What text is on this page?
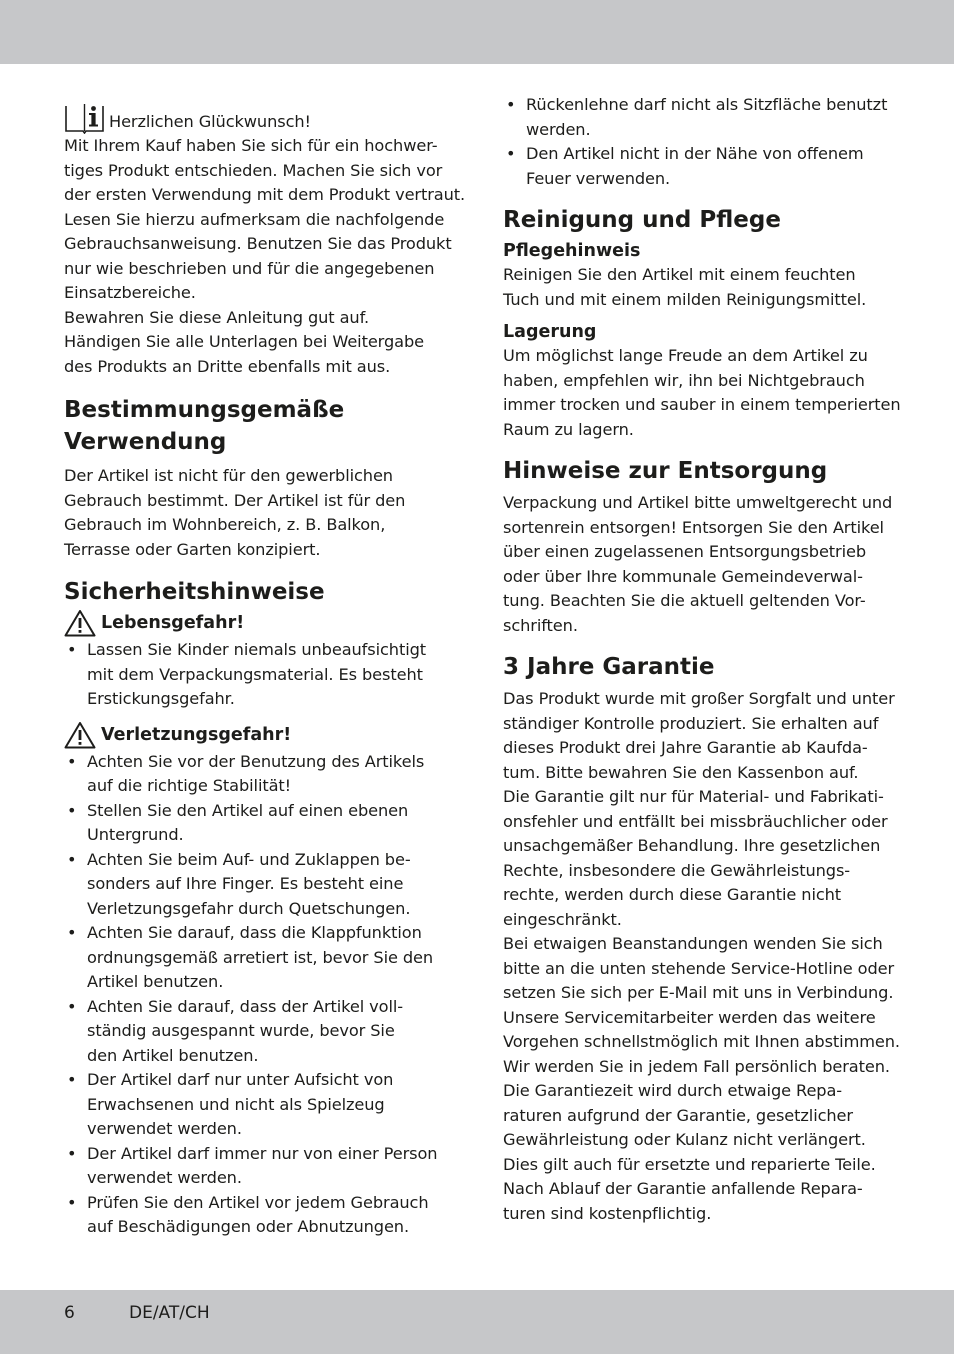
Herzlichen Glückwunsch!
Mit Ihrem Kauf haben Sie sich für ein hochwer-
tiges Produkt entschieden. Machen Sie sich vor
der ersten Verwendung mit dem Produkt vertraut.
Lesen Sie hierzu aufmerksam die nachfolgende
Gebrauchsanweisung. Benutzen Sie das Produkt
nur wie beschrieben und für die angegebenen
Einsatzbereiche.
Bewahren Sie diese Anleitung gut auf.
Händigen Sie alle Unterlagen bei Weitergabe
des Produkts an Dritte ebenfalls mit aus.
Bestimmungsgemäße
Verwendung
Der Artikel ist nicht für den gewerblichen
Gebrauch bestimmt. Der Artikel ist für den
Gebrauch im Wohnbereich, z. B. Balkon,
Terrasse oder Garten konzipiert.
Sicherheitshinweise
Lebensgefahr!
• Lassen Sie Kinder niemals unbeaufsichtigt
mit dem Verpackungsmaterial. Es besteht
Erstickungsgefahr.
Verletzungsgefahr!
• Achten Sie vor der Benutzung des Artikels
auf die richtige Stabilität!
• Stellen Sie den Artikel auf einen ebenen
Untergrund.
• Achten Sie beim Auf- und Zuklappen be-
sonders auf Ihre Finger. Es besteht eine
Verletzungsgefahr durch Quetschungen.
• Achten Sie darauf, dass die Klappfunktion
ordnungsgemäß arretiert ist, bevor Sie den
Artikel benutzen.
• Achten Sie darauf, dass der Artikel voll-
ständig ausgespannt wurde, bevor Sie
den Artikel benutzen.
• Der Artikel darf nur unter Aufsicht von
Erwachsenen und nicht als Spielzeug
verwendet werden.
• Der Artikel darf immer nur von einer Person
verwendet werden.
• Prüfen Sie den Artikel vor jedem Gebrauch
auf Beschädigungen oder Abnutzungen.
• Rückenlehne darf nicht als Sitzfläche benutzt
werden.
• Den Artikel nicht in der Nähe von offenem
Feuer verwenden.
Reinigung und Pflege
Pflegehinweis
Reinigen Sie den Artikel mit einem feuchten
Tuch und mit einem milden Reinigungsmittel.
Lagerung
Um möglichst lange Freude an dem Artikel zu
haben, empfehlen wir, ihn bei Nichtgebrauch
immer trocken und sauber in einem temperierten
Raum zu lagern.
Hinweise zur Entsorgung
Verpackung und Artikel bitte umweltgerecht und
sortenrein entsorgen! Entsorgen Sie den Artikel
über einen zugelassenen Entsorgungsbetrieb
oder über Ihre kommunale Gemeindeverwal-
tung. Beachten Sie die aktuell geltenden Vor-
schriften.
3 Jahre Garantie
Das Produkt wurde mit großer Sorgfalt und unter
ständiger Kontrolle produziert. Sie erhalten auf
dieses Produkt drei Jahre Garantie ab Kaufda-
tum. Bitte bewahren Sie den Kassenbon auf.
Die Garantie gilt nur für Material- und Fabrikati-
onsfehler und entfällt bei missbräuchlicher oder
unsachgemäßer Behandlung. Ihre gesetzlichen
Rechte, insbesondere die Gewährleistungs-
rechte, werden durch diese Garantie nicht
eingeschränkt.
Bei etwaigen Beanstandungen wenden Sie sich
bitte an die unten stehende Service-Hotline oder
setzen Sie sich per E-Mail mit uns in Verbindung.
Unsere Servicemitarbeiter werden das weitere
Vorgehen schnellstmöglich mit Ihnen abstimmen.
Wir werden Sie in jedem Fall persönlich beraten.
Die Garantiezeit wird durch etwaige Repa-
raturen aufgrund der Garantie, gesetzlicher
Gewährleistung oder Kulanz nicht verlängert.
Dies gilt auch für ersetzte und reparierte Teile.
Nach Ablauf der Garantie anfallende Repara-
turen sind kostenpflichtig.
6	DE/AT/CH
